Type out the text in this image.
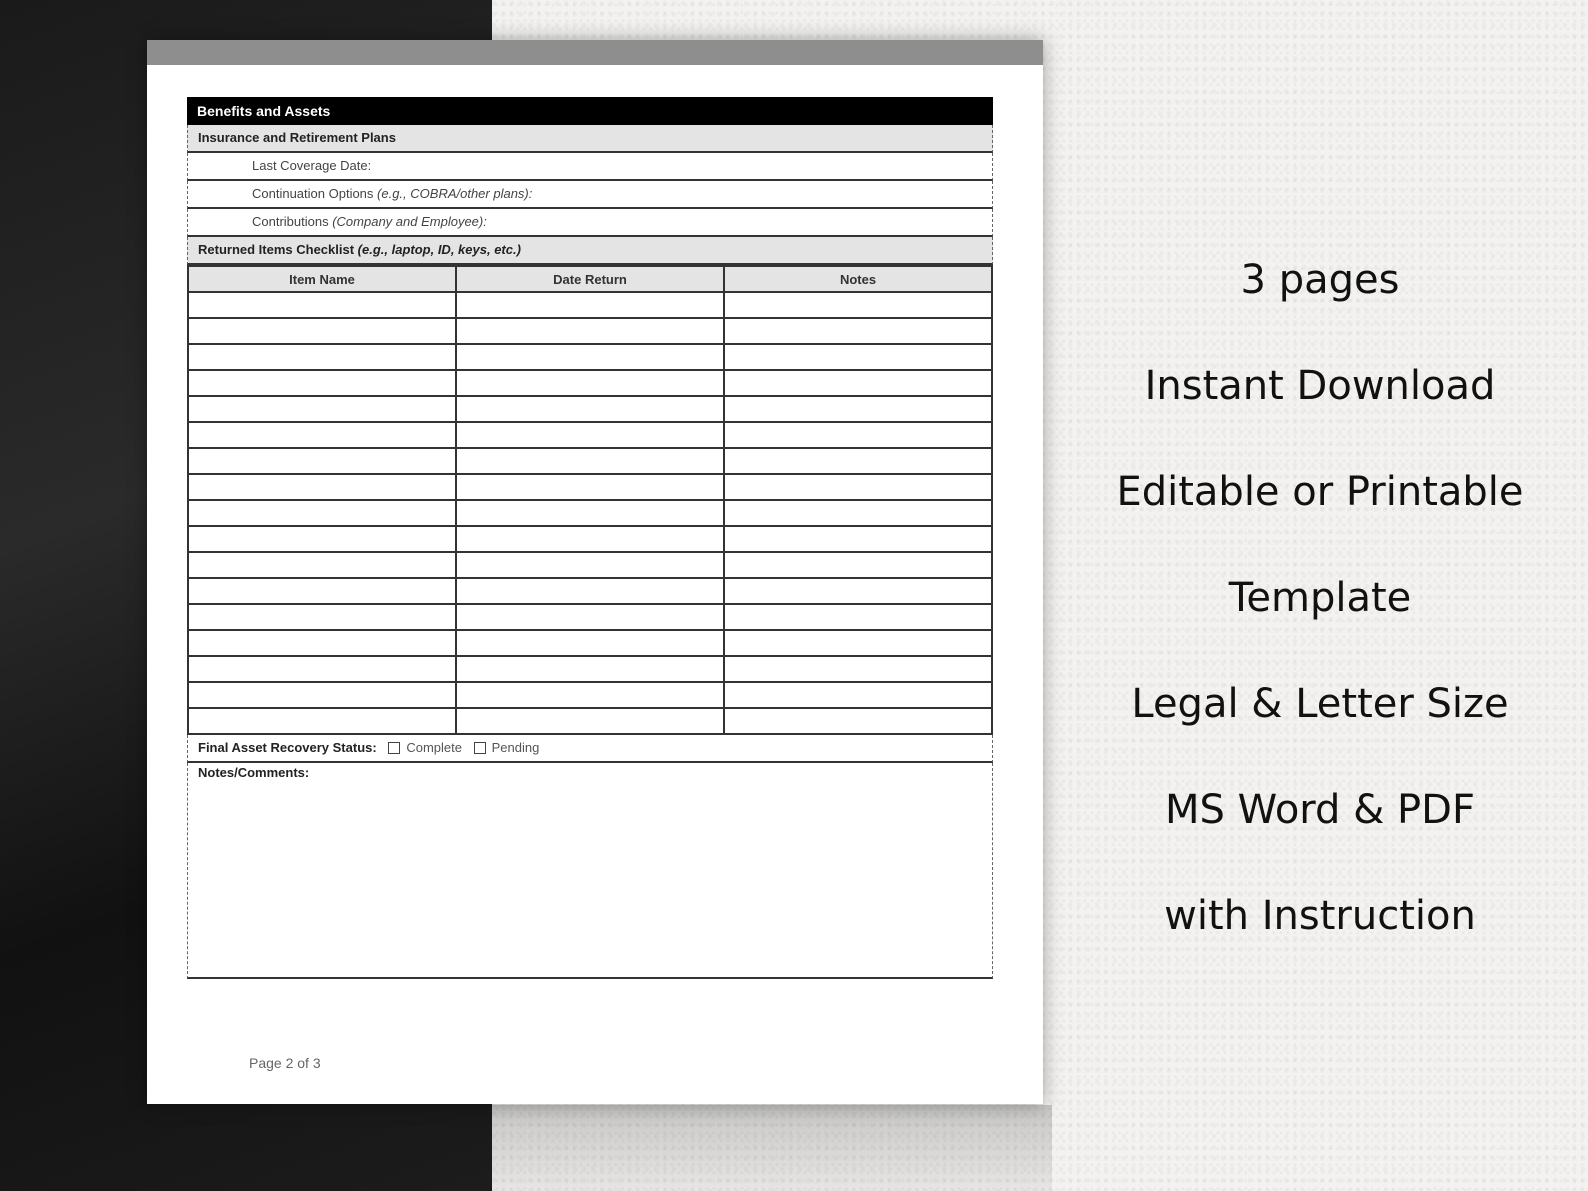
Benefits and Assets
Insurance and Retirement Plans
Last Coverage Date:
Continuation Options (e.g., COBRA/other plans):
Contributions (Company and Employee):
Returned Items Checklist (e.g., laptop, ID, keys, etc.)
Item Name	Date Return	Notes

Final Asset Recovery Status: Complete Pending
Notes/Comments:
Page 2 of 3
3 pages
Instant Download
Editable or Printable
Template
Legal & Letter Size
MS Word & PDF
with Instruction
